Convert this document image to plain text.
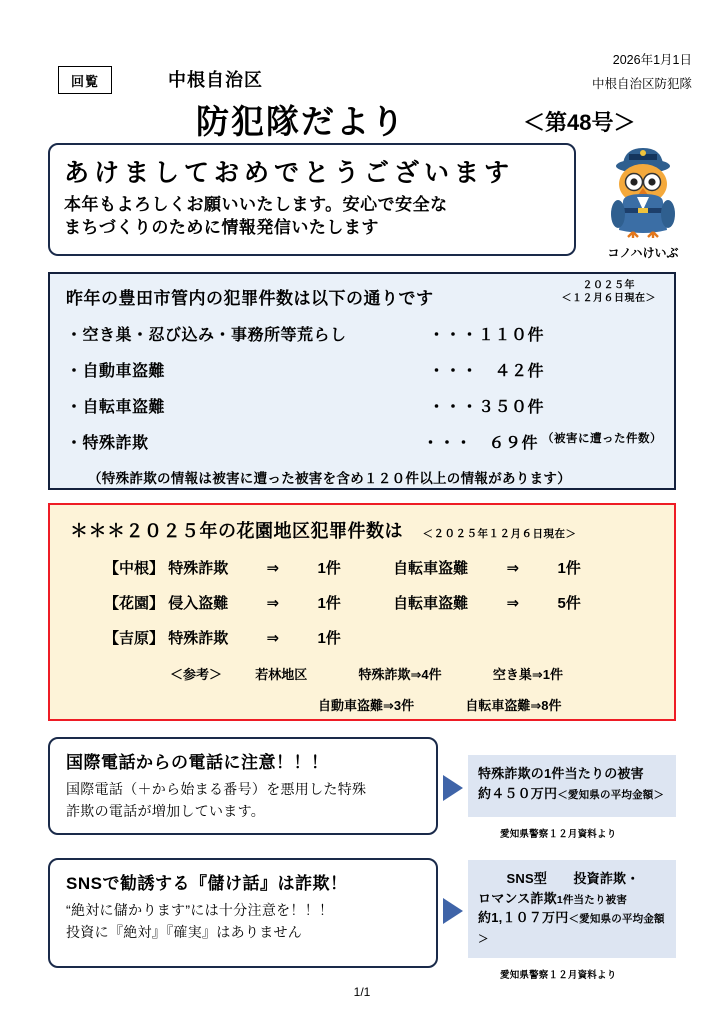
回覧	中根自治区
防犯隊だより	＜第48号＞
2026年1月1日
中根自治区防犯隊
あけましておめでとうございます
本年もよろしくお願いいたします。安心で安全な
まちづくりのために情報発信いたします
コノハけいぶ
昨年の豊田市管内の犯罪件数は以下の通りです
２０２５年
＜１２月６日現在＞
・空き巣・忍び込み・事務所等荒らし	・・・１１０件
・自動車盗難	・・・　４２件
・自転車盗難	・・・３５０件
・特殊詐欺	・・・　６９件 （被害に遭った件数）
（特殊詐欺の情報は被害に遭った被害を含め１２０件以上の情報があります）
＊＊＊２０２５年の花園地区犯罪件数は ＜２０２５年１２月６日現在＞
【中根】 特殊詐欺	⇒	1件	自転車盗難	⇒	1件
【花園】 侵入盗難	⇒	1件	自転車盗難	⇒	5件
【吉原】 特殊詐欺	⇒	1件
＜参考＞	若林地区	特殊詐欺⇒4件	空き巣⇒1件
自動車盗難⇒3件	自転車盗難⇒8件
国際電話からの電話に注意！！！
国際電話（＋から始まる番号）を悪用した特殊
詐欺の電話が増加しています。
特殊詐欺の1件当たりの被害
約４５０万円＜愛知県の平均金額＞
愛知県警察１２月資料より
SNSで勧誘する『儲け話』は詐欺！
“絶対に儲かります”には十分注意を！！！
投資に『絶対』『確実』はありません
SNS型　　投資詐欺・
ロマンス詐欺1件当たり被害
約1,１０７万円＜愛知県の平均金額＞
愛知県警察１２月資料より
1/1
